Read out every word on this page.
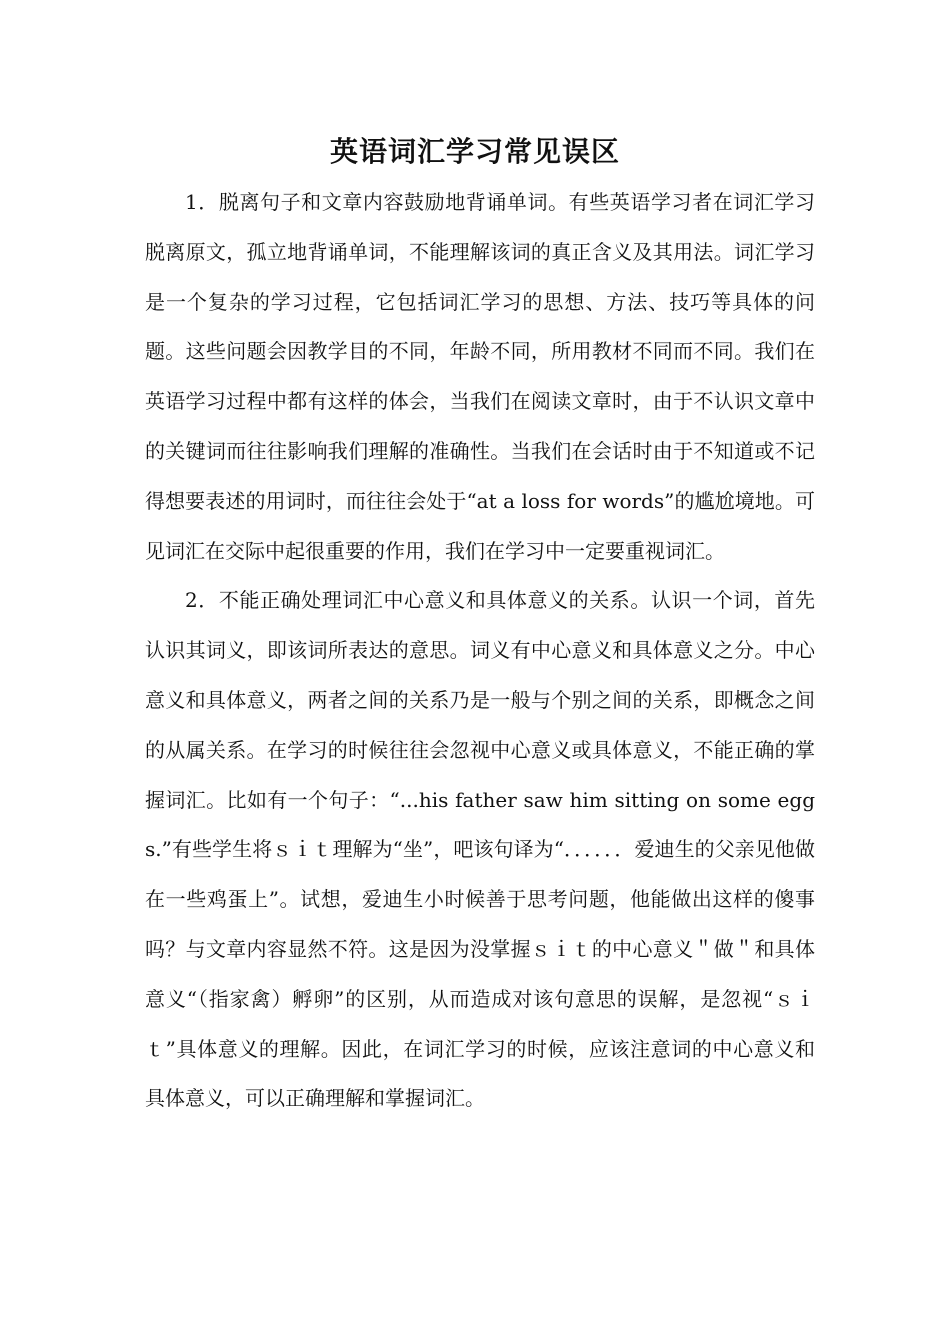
英语词汇学习常见误区

1．脱离句子和文章内容鼓励地背诵单词。有些英语学习者在词汇学习脱离原文，孤立地背诵单词，不能理解该词的真正含义及其用法。词汇学习是一个复杂的学习过程，它包括词汇学习的思想、方法、技巧等具体的问题。这些问题会因教学目的不同，年龄不同，所用教材不同而不同。我们在英语学习过程中都有这样的体会，当我们在阅读文章时，由于不认识文章中的关键词而往往影响我们理解的准确性。当我们在会话时由于不知道或不记得想要表述的用词时，而往往会处于“at a loss for words”的尴尬境地。可见词汇在交际中起很重要的作用，我们在学习中一定要重视词汇。

2．不能正确处理词汇中心意义和具体意义的关系。认识一个词，首先认识其词义，即该词所表达的意思。词义有中心意义和具体意义之分。中心意义和具体意义，两者之间的关系乃是一般与个别之间的关系，即概念之间的从属关系。在学习的时候往往会忽视中心意义或具体意义，不能正确的掌握词汇。比如有一个句子：“...his father saw him sitting on some eggs.”有些学生将ｓｉｔ理解为“坐”，吧该句译为“．．．．．．爱迪生的父亲见他做在一些鸡蛋上”。试想，爱迪生小时候善于思考问题，他能做出这样的傻事吗？与文章内容显然不符。这是因为没掌握ｓｉｔ的中心意义＂做＂和具体意义“（指家禽）孵卵”的区别，从而造成对该句意思的误解，是忽视“ｓｉｔ”具体意义的理解。因此，在词汇学习的时候，应该注意词的中心意义和具体意义，可以正确理解和掌握词汇。
